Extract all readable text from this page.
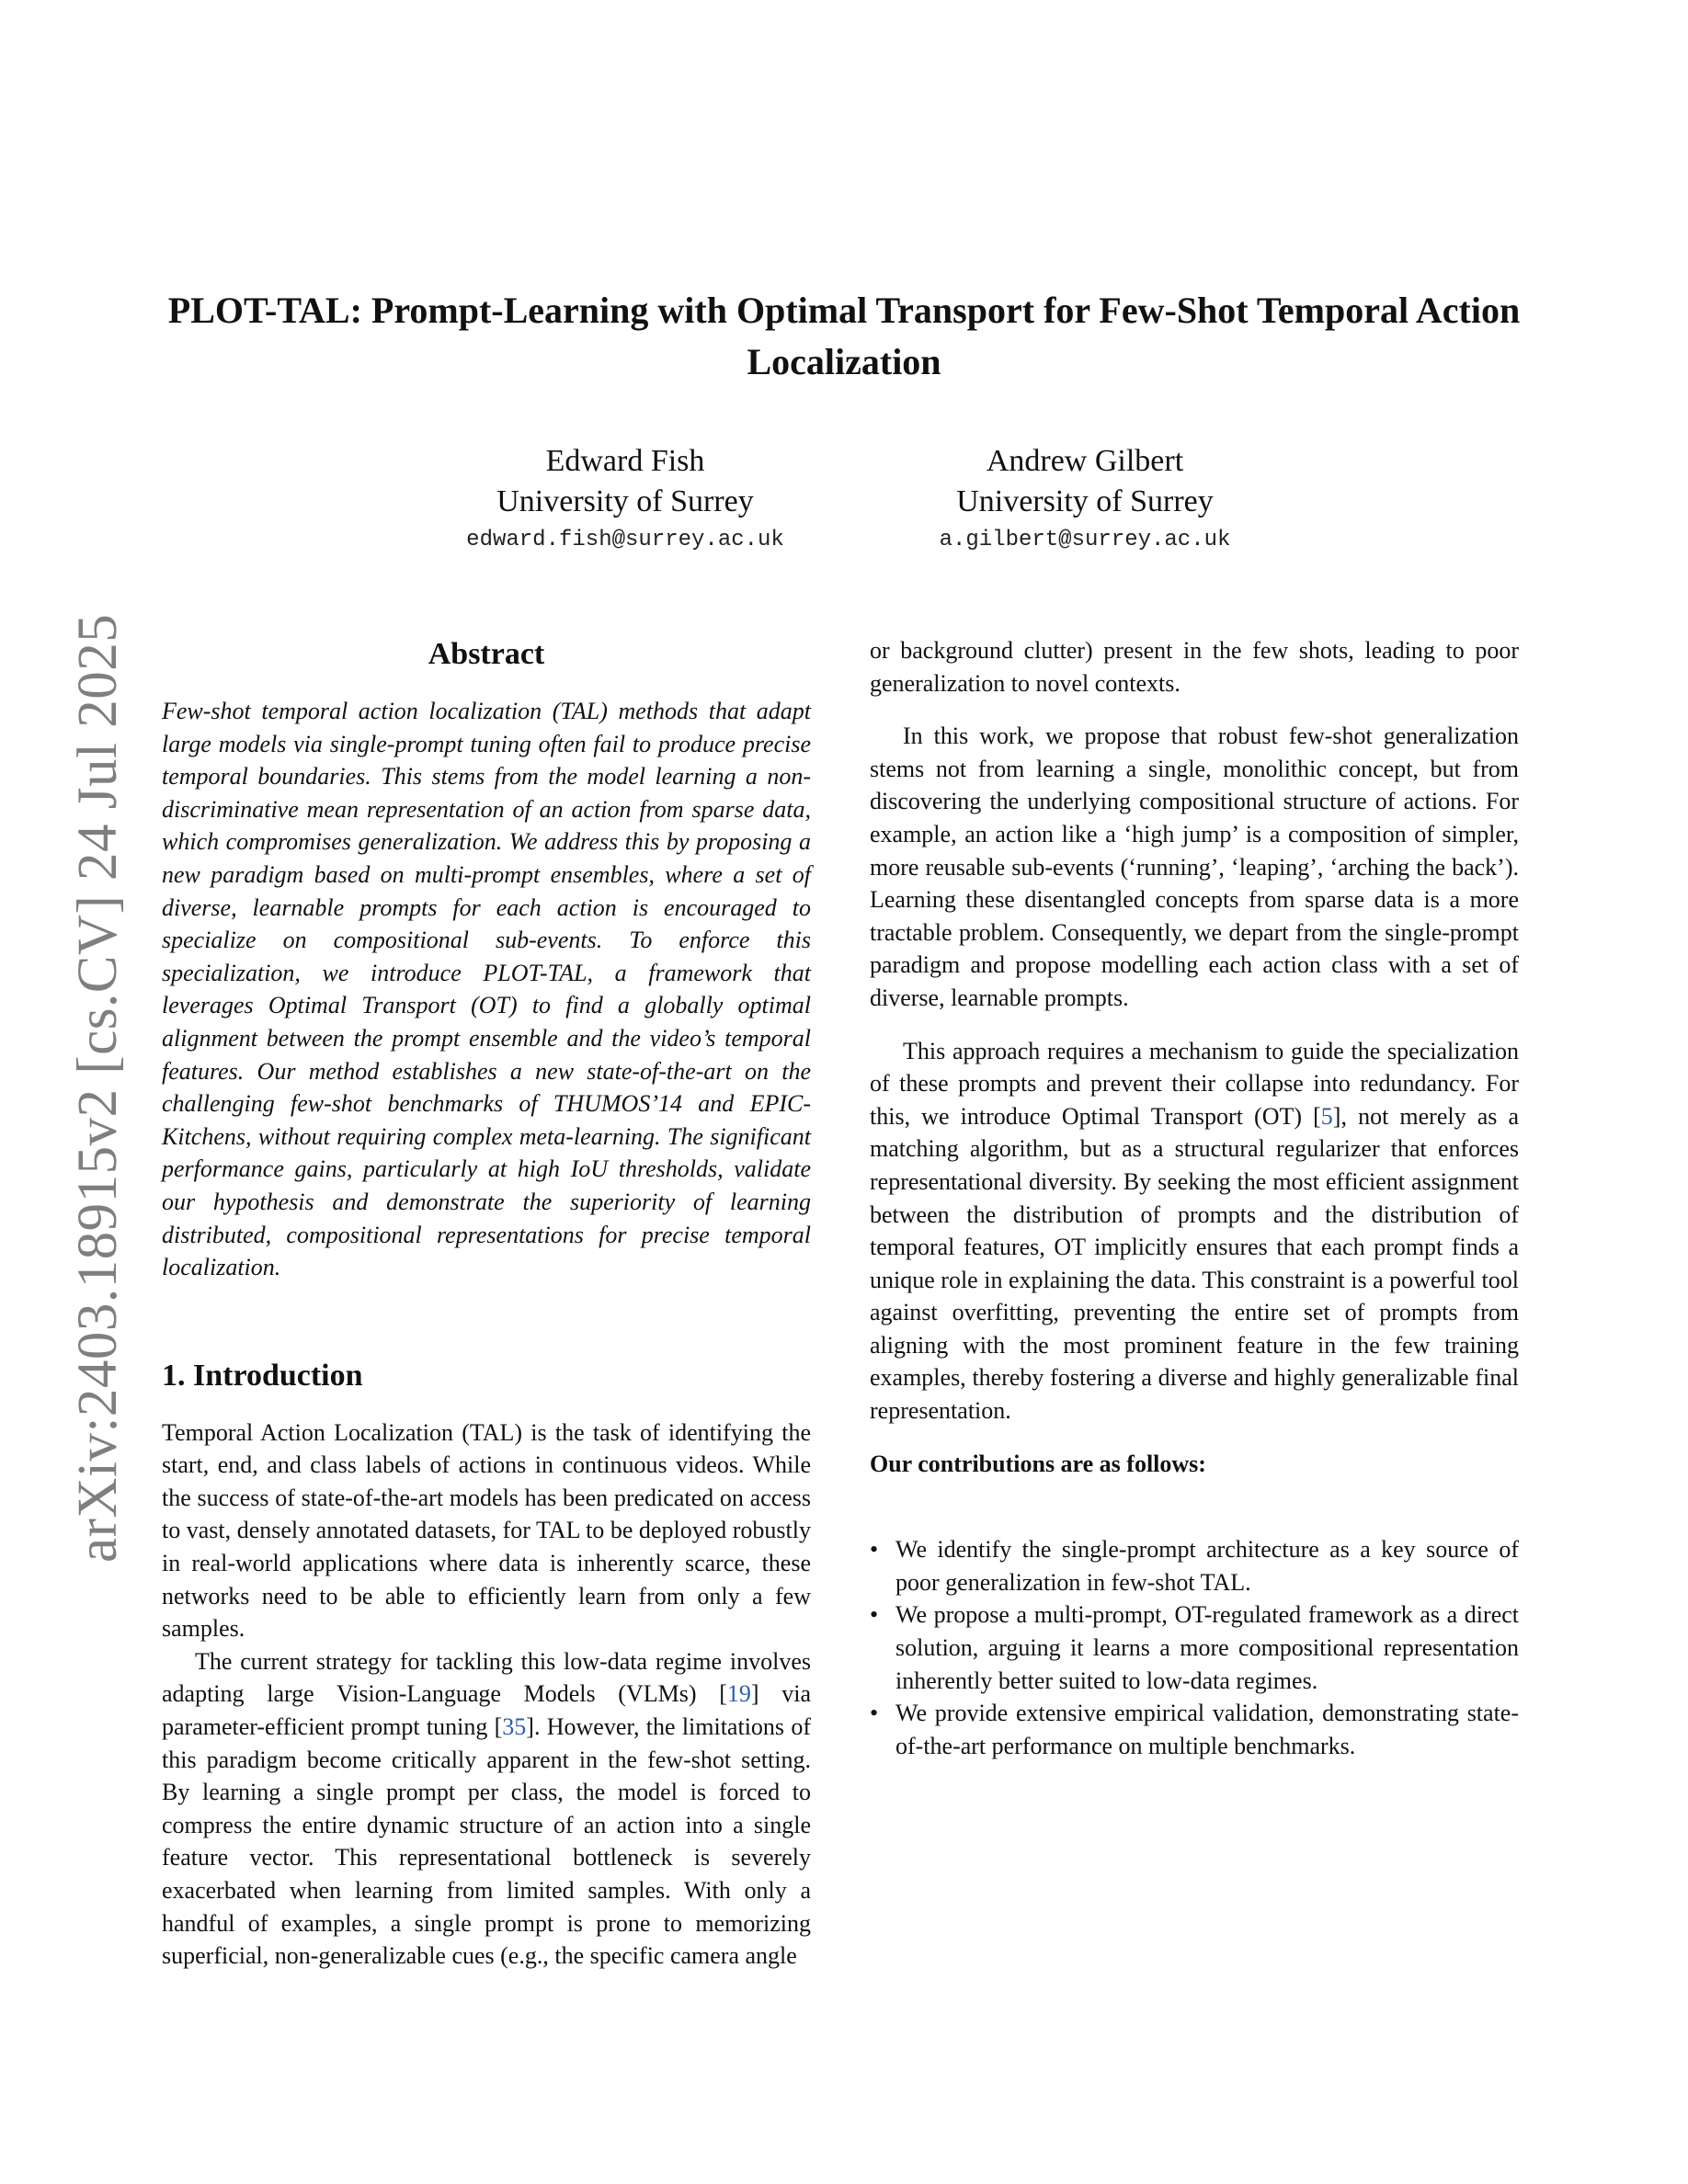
arXiv:2403.18915v2 [cs.CV] 24 Jul 2025
PLOT-TAL: Prompt-Learning with Optimal Transport for Few-Shot Temporal Action Localization
Edward Fish
University of Surrey
edward.fish@surrey.ac.uk
Andrew Gilbert
University of Surrey
a.gilbert@surrey.ac.uk
Abstract

Few-shot temporal action localization (TAL) methods that adapt large models via single-prompt tuning often fail to produce precise temporal boundaries. This stems from the model learning a non-discriminative mean representation of an action from sparse data, which compromises generalization. We address this by proposing a new paradigm based on multi-prompt ensembles, where a set of diverse, learnable prompts for each action is encouraged to specialize on compositional sub-events. To enforce this specialization, we introduce PLOT-TAL, a framework that leverages Optimal Transport (OT) to find a globally optimal alignment between the prompt ensemble and the video’s temporal features. Our method establishes a new state-of-the-art on the challenging few-shot benchmarks of THUMOS’14 and EPIC-Kitchens, without requiring complex meta-learning. The significant performance gains, particularly at high IoU thresholds, validate our hypothesis and demonstrate the superiority of learning distributed, compositional representations for precise temporal localization.

1. Introduction

Temporal Action Localization (TAL) is the task of identifying the start, end, and class labels of actions in continuous videos. While the success of state-of-the-art models has been predicated on access to vast, densely annotated datasets, for TAL to be deployed robustly in real-world applications where data is inherently scarce, these networks need to be able to efficiently learn from only a few samples.

The current strategy for tackling this low-data regime involves adapting large Vision-Language Models (VLMs) [19] via parameter-efficient prompt tuning [35]. However, the limitations of this paradigm become critically apparent in the few-shot setting. By learning a single prompt per class, the model is forced to compress the entire dynamic structure of an action into a single feature vector. This representational bottleneck is severely exacerbated when learning from limited samples. With only a handful of examples, a single prompt is prone to memorizing superficial, non-generalizable cues (e.g., the specific camera angle

or background clutter) present in the few shots, leading to poor generalization to novel contexts.

In this work, we propose that robust few-shot generalization stems not from learning a single, monolithic concept, but from discovering the underlying compositional structure of actions. For example, an action like a ‘high jump’ is a composition of simpler, more reusable sub-events (‘running’, ‘leaping’, ‘arching the back’). Learning these disentangled concepts from sparse data is a more tractable problem. Consequently, we depart from the single-prompt paradigm and propose modelling each action class with a set of diverse, learnable prompts.

This approach requires a mechanism to guide the specialization of these prompts and prevent their collapse into redundancy. For this, we introduce Optimal Transport (OT) [5], not merely as a matching algorithm, but as a structural regularizer that enforces representational diversity. By seeking the most efficient assignment between the distribution of prompts and the distribution of temporal features, OT implicitly ensures that each prompt finds a unique role in explaining the data. This constraint is a powerful tool against overfitting, preventing the entire set of prompts from aligning with the most prominent feature in the few training examples, thereby fostering a diverse and highly generalizable final representation.

Our contributions are as follows:

• We identify the single-prompt architecture as a key source of poor generalization in few-shot TAL.
• We propose a multi-prompt, OT-regulated framework as a direct solution, arguing it learns a more compositional representation inherently better suited to low-data regimes.
• We provide extensive empirical validation, demonstrating state-of-the-art performance on multiple benchmarks.
